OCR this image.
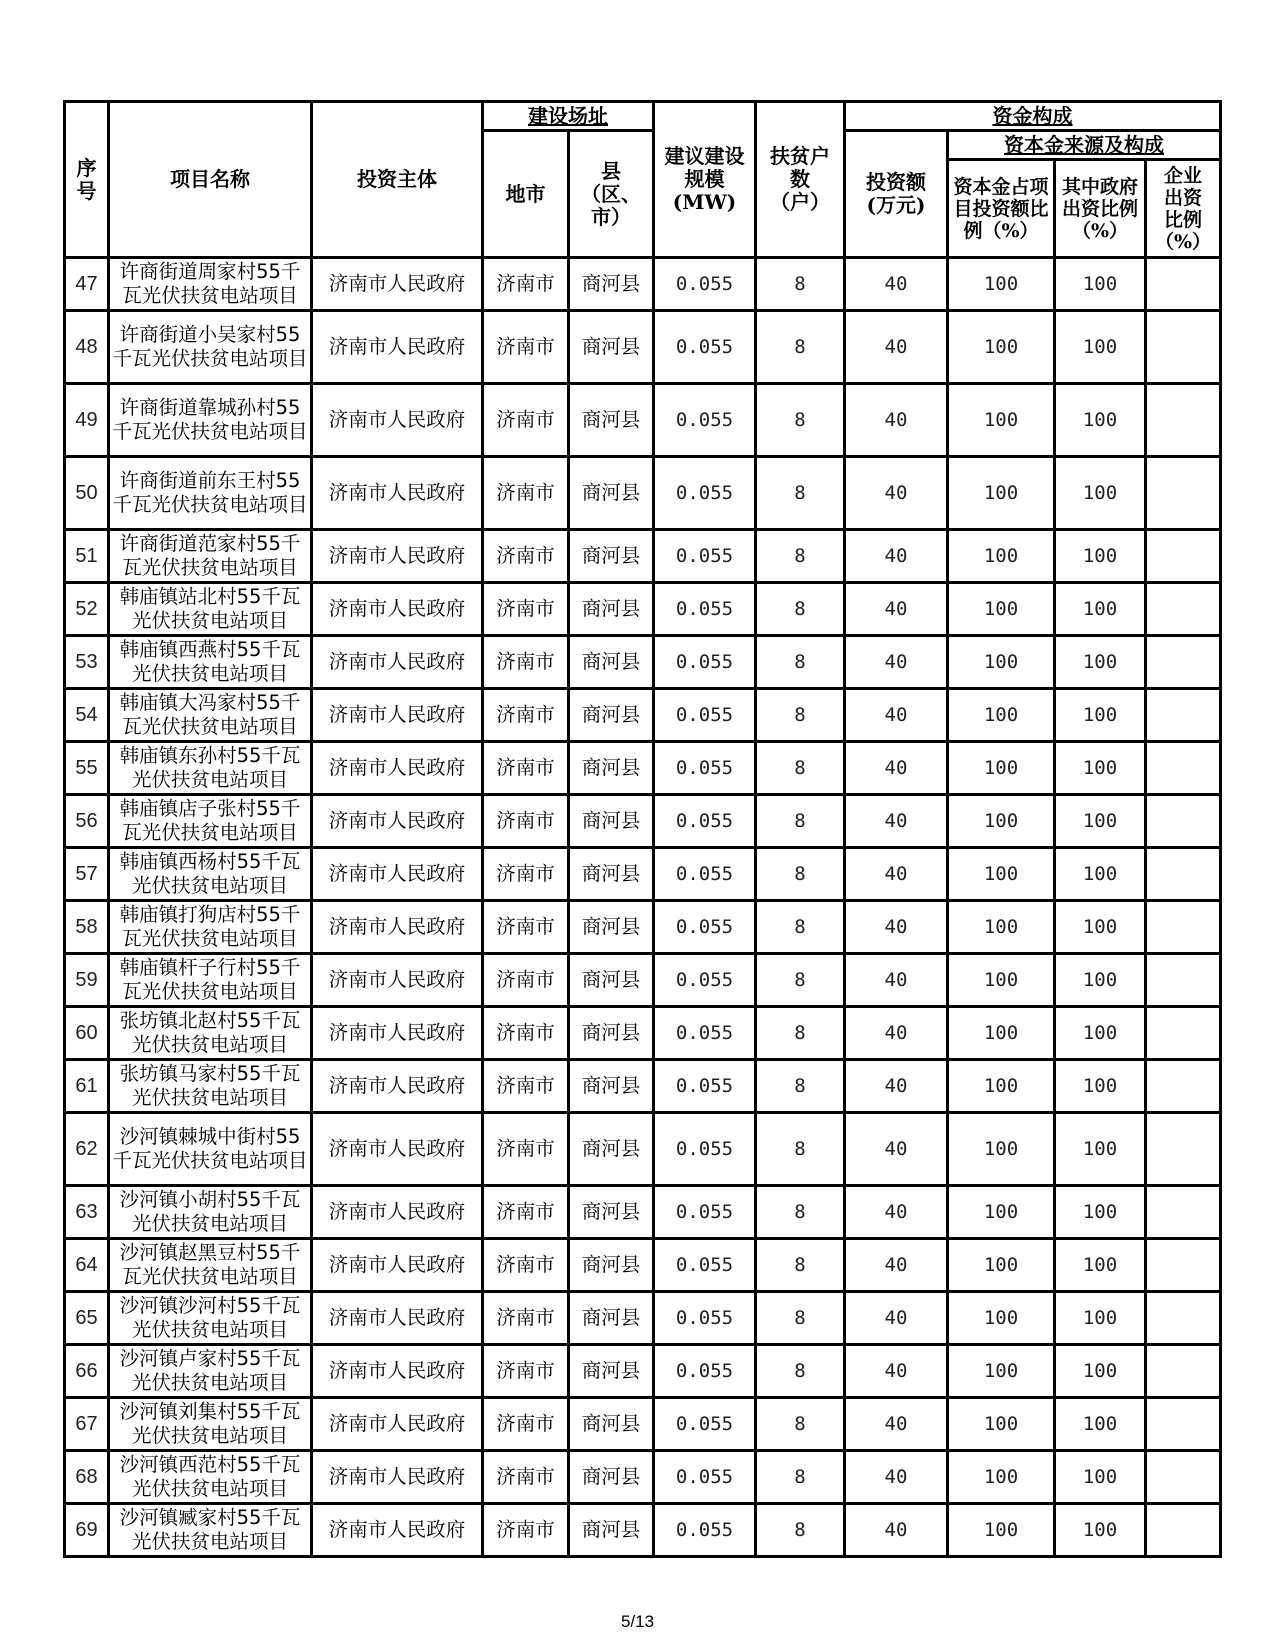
序号	项目名称	投资主体	建设场址		建议建设规模(MW)	扶贫户数（户）	资金构成			
			地市	县（区、市）			投资额(万元)	资本金来源及构成		
								资本金占项目投资额比例（%）	其中政府出资比例（%）	企业出资比例（%）

47	许商街道周家村55千瓦光伏扶贫电站项目	济南市人民政府	济南市	商河县	0.055	8	40	100	100	
48	许商街道小吴家村55千瓦光伏扶贫电站项目	济南市人民政府	济南市	商河县	0.055	8	40	100	100	
49	许商街道靠城孙村55千瓦光伏扶贫电站项目	济南市人民政府	济南市	商河县	0.055	8	40	100	100	
50	许商街道前东王村55千瓦光伏扶贫电站项目	济南市人民政府	济南市	商河县	0.055	8	40	100	100	
51	许商街道范家村55千瓦光伏扶贫电站项目	济南市人民政府	济南市	商河县	0.055	8	40	100	100	
52	韩庙镇站北村55千瓦光伏扶贫电站项目	济南市人民政府	济南市	商河县	0.055	8	40	100	100	
53	韩庙镇西燕村55千瓦光伏扶贫电站项目	济南市人民政府	济南市	商河县	0.055	8	40	100	100	
54	韩庙镇大冯家村55千瓦光伏扶贫电站项目	济南市人民政府	济南市	商河县	0.055	8	40	100	100	
55	韩庙镇东孙村55千瓦光伏扶贫电站项目	济南市人民政府	济南市	商河县	0.055	8	40	100	100	
56	韩庙镇店子张村55千瓦光伏扶贫电站项目	济南市人民政府	济南市	商河县	0.055	8	40	100	100	
57	韩庙镇西杨村55千瓦光伏扶贫电站项目	济南市人民政府	济南市	商河县	0.055	8	40	100	100	
58	韩庙镇打狗店村55千瓦光伏扶贫电站项目	济南市人民政府	济南市	商河县	0.055	8	40	100	100	
59	韩庙镇杆子行村55千瓦光伏扶贫电站项目	济南市人民政府	济南市	商河县	0.055	8	40	100	100	
60	张坊镇北赵村55千瓦光伏扶贫电站项目	济南市人民政府	济南市	商河县	0.055	8	40	100	100	
61	张坊镇马家村55千瓦光伏扶贫电站项目	济南市人民政府	济南市	商河县	0.055	8	40	100	100	
62	沙河镇棘城中街村55千瓦光伏扶贫电站项目	济南市人民政府	济南市	商河县	0.055	8	40	100	100	
63	沙河镇小胡村55千瓦光伏扶贫电站项目	济南市人民政府	济南市	商河县	0.055	8	40	100	100	
64	沙河镇赵黑豆村55千瓦光伏扶贫电站项目	济南市人民政府	济南市	商河县	0.055	8	40	100	100	
65	沙河镇沙河村55千瓦光伏扶贫电站项目	济南市人民政府	济南市	商河县	0.055	8	40	100	100	
66	沙河镇卢家村55千瓦光伏扶贫电站项目	济南市人民政府	济南市	商河县	0.055	8	40	100	100	
67	沙河镇刘集村55千瓦光伏扶贫电站项目	济南市人民政府	济南市	商河县	0.055	8	40	100	100	
68	沙河镇西范村55千瓦光伏扶贫电站项目	济南市人民政府	济南市	商河县	0.055	8	40	100	100	
69	沙河镇臧家村55千瓦光伏扶贫电站项目	济南市人民政府	济南市	商河县	0.055	8	40	100	100	
5/13
